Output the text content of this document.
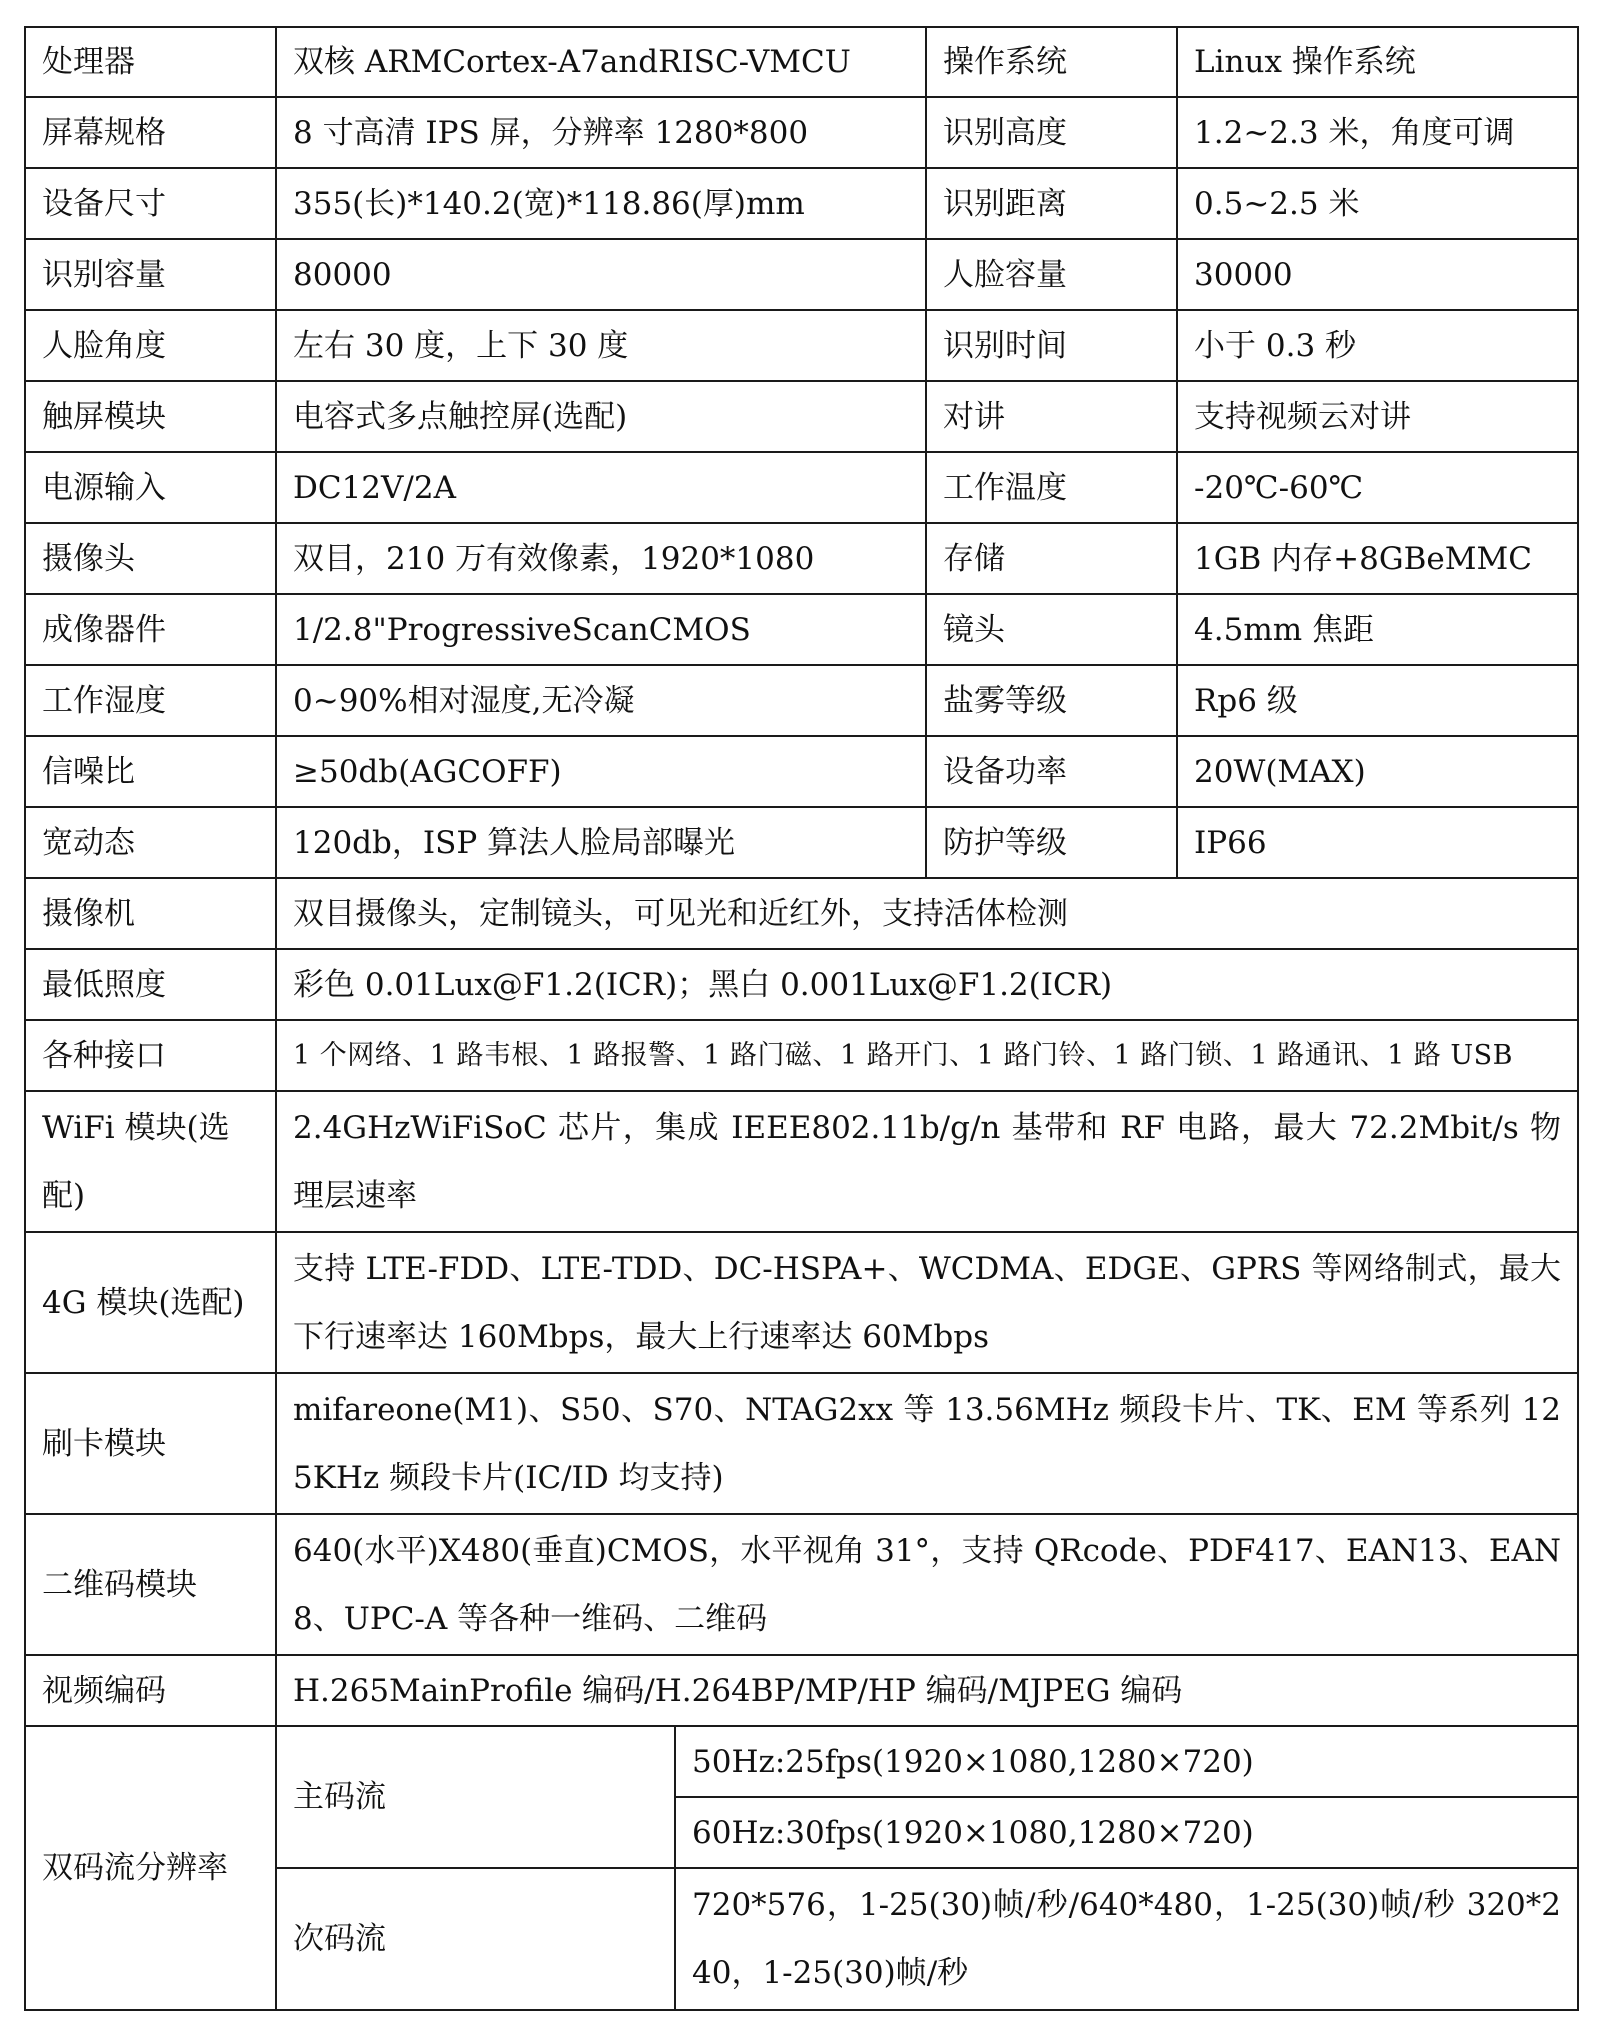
处理器	双核 ARMCortex-A7andRISC-VMCU		操作系统	Linux 操作系统
屏幕规格	8 寸高清 IPS 屏，分辨率 1280*800		识别高度	1.2~2.3 米，角度可调
设备尺寸	355(长)*140.2(宽)*118.86(厚)mm		识别距离	0.5~2.5 米
识别容量	80000		人脸容量	30000
人脸角度	左右 30 度，上下 30 度		识别时间	小于 0.3 秒
触屏模块	电容式多点触控屏(选配)		对讲	支持视频云对讲
电源输入	DC12V/2A		工作温度	-20℃-60℃
摄像头	双目，210 万有效像素，1920*1080		存储	1GB 内存+8GBeMMC
成像器件	1/2.8"ProgressiveScanCMOS		镜头	4.5mm 焦距
工作湿度	0~90%相对湿度,无冷凝		盐雾等级	Rp6 级
信噪比	≥50db(AGCOFF)		设备功率	20W(MAX)
宽动态	120db，ISP 算法人脸局部曝光		防护等级	IP66
摄像机	双目摄像头，定制镜头，可见光和近红外，支持活体检测			
最低照度	彩色 0.01Lux@F1.2(ICR)；黑白 0.001Lux@F1.2(ICR)			
各种接口	1 个网络、1 路韦根、1 路报警、1 路门磁、1 路开门、1 路门铃、1 路门锁、1 路通讯、1 路 USB			
WiFi 模块(选配)	2.4GHzWiFiSoC 芯片，集成 IEEE802.11b/g/n 基带和 RF 电路，最大 72.2Mbit/s 物理层速率			
4G 模块(选配)	支持 LTE-FDD、LTE-TDD、DC-HSPA+、WCDMA、EDGE、GPRS 等网络制式，最大下行速率达 160Mbps，最大上行速率达 60Mbps			
刷卡模块	mifareone(M1)、S50、S70、NTAG2xx 等 13.56MHz 频段卡片、TK、EM 等系列 125KHz 频段卡片(IC/ID 均支持)			
二维码模块	640(水平)X480(垂直)CMOS，水平视角 31°，支持 QRcode、PDF417、EAN13、EAN8、UPC-A 等各种一维码、二维码			
视频编码	H.265MainProfile 编码/H.264BP/MP/HP 编码/MJPEG 编码			
双码流分辨率	主码流	50Hz:25fps(1920×1080,1280×720)		
		60Hz:30fps(1920×1080,1280×720)		
	次码流	720*576，1-25(30)帧/秒/640*480，1-25(30)帧/秒 320*240，1-25(30)帧/秒		
